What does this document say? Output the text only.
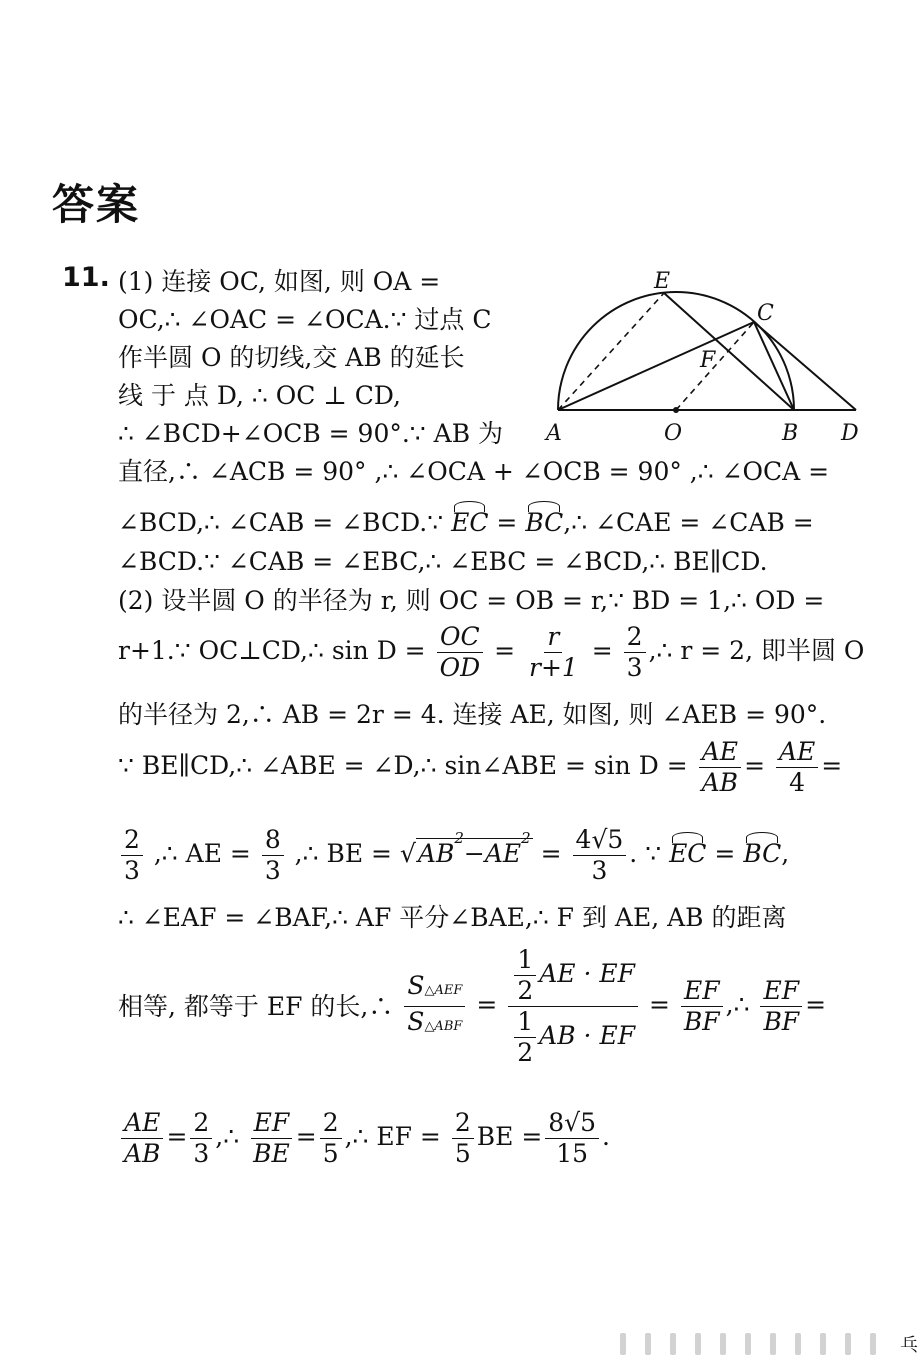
答案
11.	E
C
F
A	O	B D
(1) 连接 OC, 如图, 则 OA =
OC,∴ ∠OAC = ∠OCA.∵ 过点 C
作半圆 O 的切线,交 AB 的延长
线 于 点 D, ∴ OC ⊥ CD,
∴ ∠BCD+∠OCB = 90°.∵ AB 为
直径,∴ ∠ACB = 90° ,∴ ∠OCA + ∠OCB = 90° ,∴ ∠OCA =
∠BCD,∴ ∠CAB = ∠BCD.∵ EC = BC,∴ ∠CAE = ∠CAB =
∠BCD.∵ ∠CAB = ∠EBC,∴ ∠EBC = ∠BCD,∴ BE∥CD.
(2) 设半圆 O 的半径为 r, 则 OC = OB = r,∵ BD = 1,∴ OD =
r+1.∵ OC⊥CD,∴ $\sin D = \frac{OC}{OD} = \frac{r}{r+1} = \frac{2}{3}$ ,∴ r = 2, 即半圆 O
的半径为 2,∴ AB = 2r = 4. 连接 AE, 如图, 则 ∠AEB = 90°.
∵ BE∥CD,∴ ∠ABE = ∠D,∴ sin∠ABE = $\sin D = \frac{AE}{AB} = \frac{AE}{4}$ =
$\frac{2}{3}$ ,∴ AE = $\frac{8}{3}$ ,∴ BE = $√AB^2-AE^2 = \frac{4√5}{3}$ . ∵ EC = BC,
∴ ∠EAF = ∠BAF,∴ AF 平分∠BAE,∴ F 到 AE, AB 的距离
相等, 都等于 EF 的长,∴ $\frac{\text{S△AEF}}{\text{S△ABF}} = \frac{\frac{1}{2} AE \cdot EF}{\frac{1}{2} AB \cdot EF} = \frac{EF}{BF}$ ,∴ $\frac{EF}{BF}$ =
$\frac{AE}{AB} = \frac{2}{3}$ ,∴ $\frac{EF}{BE} = \frac{2}{5}$ ,∴ EF = $\frac{2}{5}$ BE = $\frac{8√5}{15}$ .
乓
